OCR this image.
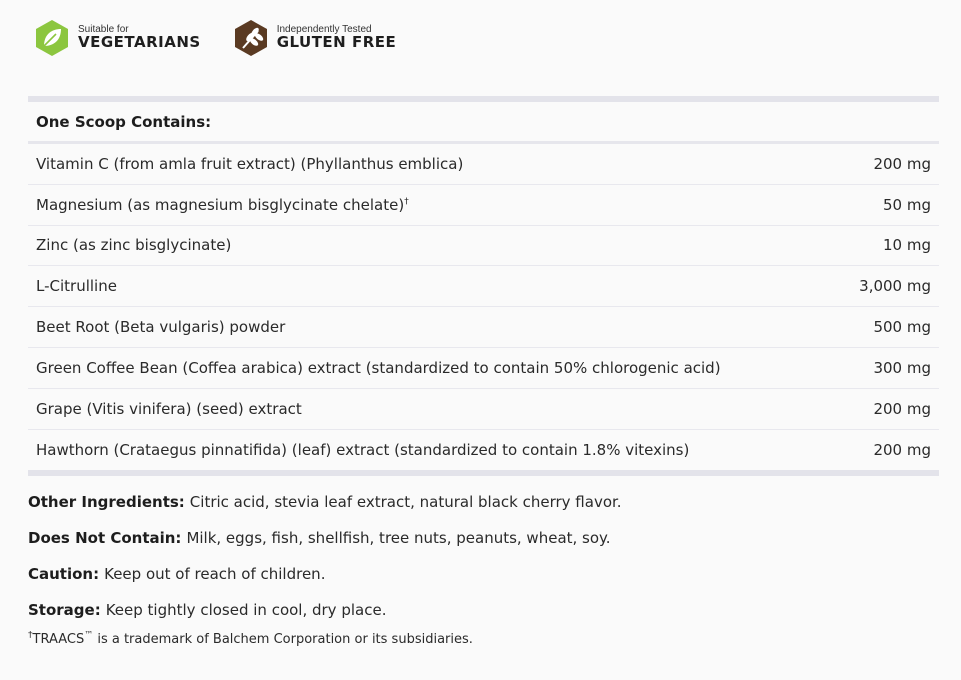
Suitable for
VEGETARIANS
Independently Tested
GLUTEN FREE
One Scoop Contains:
Vitamin C (from amla fruit extract) (Phyllanthus emblica)	200 mg
Magnesium (as magnesium bisglycinate chelate)†	50 mg
Zinc (as zinc bisglycinate)	10 mg
L-Citrulline	3,000 mg
Beet Root (Beta vulgaris) powder	500 mg
Green Coffee Bean (Coffea arabica) extract (standardized to contain 50% chlorogenic acid)	300 mg
Grape (Vitis vinifera) (seed) extract	200 mg
Hawthorn (Crataegus pinnatifida) (leaf) extract (standardized to contain 1.8% vitexins)	200 mg
Other Ingredients: Citric acid, stevia leaf extract, natural black cherry flavor.
Does Not Contain: Milk, eggs, fish, shellfish, tree nuts, peanuts, wheat, soy.
Caution: Keep out of reach of children.
Storage: Keep tightly closed in cool, dry place.
†TRAACS™ is a trademark of Balchem Corporation or its subsidiaries.
